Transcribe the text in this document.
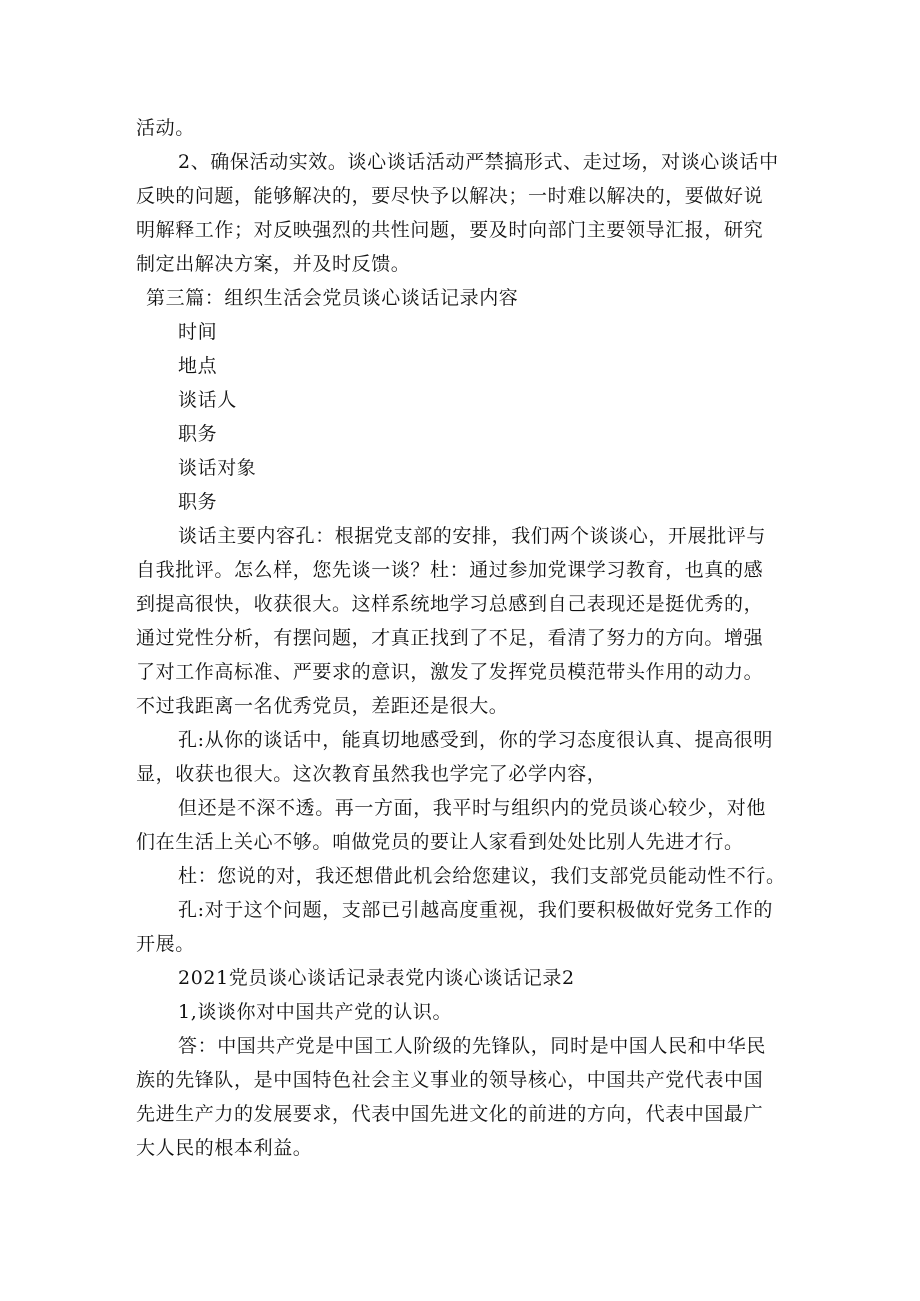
活动。
2、确保活动实效。谈心谈话活动严禁搞形式、走过场，对谈心谈话中
反映的问题，能够解决的，要尽快予以解决；一时难以解决的，要做好说
明解释工作；对反映强烈的共性问题，要及时向部门主要领导汇报，研究
制定出解决方案，并及时反馈。
第三篇：组织生活会党员谈心谈话记录内容
时间
地点
谈话人
职务
谈话对象
职务
谈话主要内容孔：根据党支部的安排，我们两个谈谈心，开展批评与
自我批评。怎么样，您先谈一谈？杜：通过参加党课学习教育，也真的感
到提高很快，收获很大。这样系统地学习总感到自己表现还是挺优秀的，
通过党性分析，有摆问题，才真正找到了不足，看清了努力的方向。增强
了对工作高标准、严要求的意识，激发了发挥党员模范带头作用的动力。
不过我距离一名优秀党员，差距还是很大。
孔:从你的谈话中，能真切地感受到，你的学习态度很认真、提高很明
显，收获也很大。这次教育虽然我也学完了必学内容，
但还是不深不透。再一方面，我平时与组织内的党员谈心较少，对他
们在生活上关心不够。咱做党员的要让人家看到处处比别人先进才行。
杜：您说的对，我还想借此机会给您建议，我们支部党员能动性不行。
孔:对于这个问题，支部已引越高度重视，我们要积极做好党务工作的
开展。
2021党员谈心谈话记录表党内谈心谈话记录2
1,谈谈你对中国共产党的认识。
答：中国共产党是中国工人阶级的先锋队，同时是中国人民和中华民
族的先锋队，是中国特色社会主义事业的领导核心，中国共产党代表中国
先进生产力的发展要求，代表中国先进文化的前进的方向，代表中国最广
大人民的根本利益。
